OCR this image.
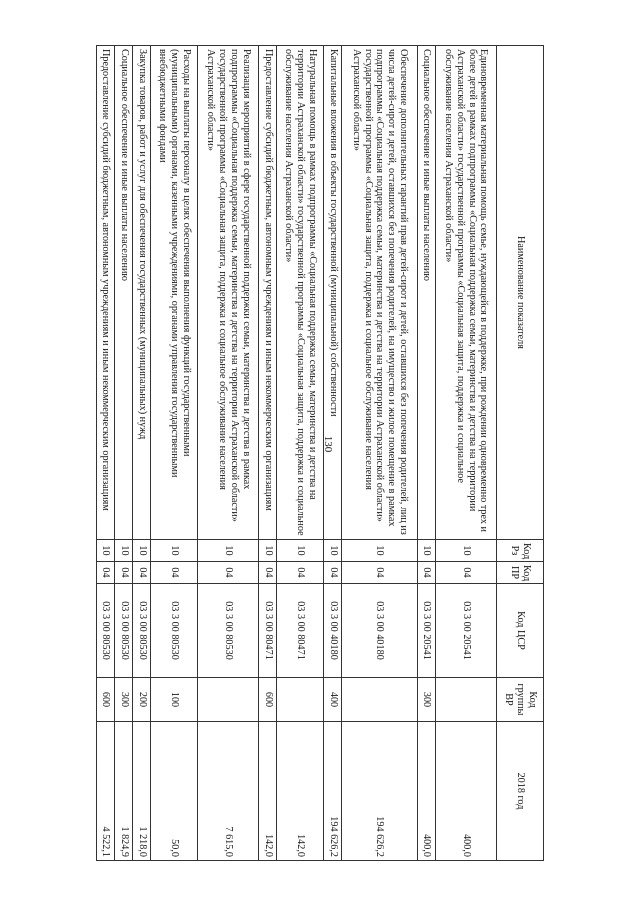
130
Наименование показателя	Код Рз	Код ПР	Код ЦСР	Код группы ВР	2018 год
Единовременная материальная помощь семье, нуждающейся в поддержке, при рождении одновременно трех и более детей в рамках подпрограммы «Социальная поддержка семьи, материнства и детства на территории Астраханской области» государственной программы «Социальная защита, поддержка и социальное обслуживание населения Астраханской области»	10	04	03 3 00 20541		400,0
Социальное обеспечение и иные выплаты населению	10	04	03 3 00 20541	300	400,0
Обеспечение дополнительных гарантий прав детей-сирот и детей, оставшихся без попечения родителей, лиц из числа детей-сирот и детей, оставшихся без попечения родителей, на имущество и жилое помещение в рамках подпрограммы «Социальная поддержка семьи, материнства и детства на территории Астраханской области» государственной программы «Социальная защита, поддержка и социальное обслуживание населения Астраханской области»	10	04	03 3 00 40180		194 626,2
Капитальные вложения в объекты государственной (муниципальной) собственности	10	04	03 3 00 40180	400	194 626,2
Натуральная помощь в рамках подпрограммы «Социальная поддержка семьи, материнства и детства на территории Астраханской области» государственной программы «Социальная защита, поддержка и социальное обслуживание населения Астраханской области»	10	04	03 3 00 80471		142,0
Предоставление субсидий бюджетным, автономным учреждениям и иным некоммерческим организациям	10	04	03 3 00 80471	600	142,0
Реализация мероприятий в сфере государственной поддержки семьи, материнства и детства в рамках подпрограммы «Социальная поддержка семьи, материнства и детства на территории Астраханской области» государственной программы «Социальная защита, поддержка и социальное обслуживание населения Астраханской области»	10	04	03 3 00 80530		7 615,0
Расходы на выплаты персоналу в целях обеспечения выполнения функций государственными (муниципальными) органами, казенными учреждениями, органами управления государственными внебюджетными фондами	10	04	03 3 00 80530	100	50,0
Закупка товаров, работ и услуг для обеспечения государственных (муниципальных) нужд	10	04	03 3 00 80530	200	1 218,0
Социальное обеспечение и иные выплаты населению	10	04	03 3 00 80530	300	1 824,9
Предоставление субсидий бюджетным, автономным учреждениям и иным некоммерческим организациям	10	04	03 3 00 80530	600	4 522,1
